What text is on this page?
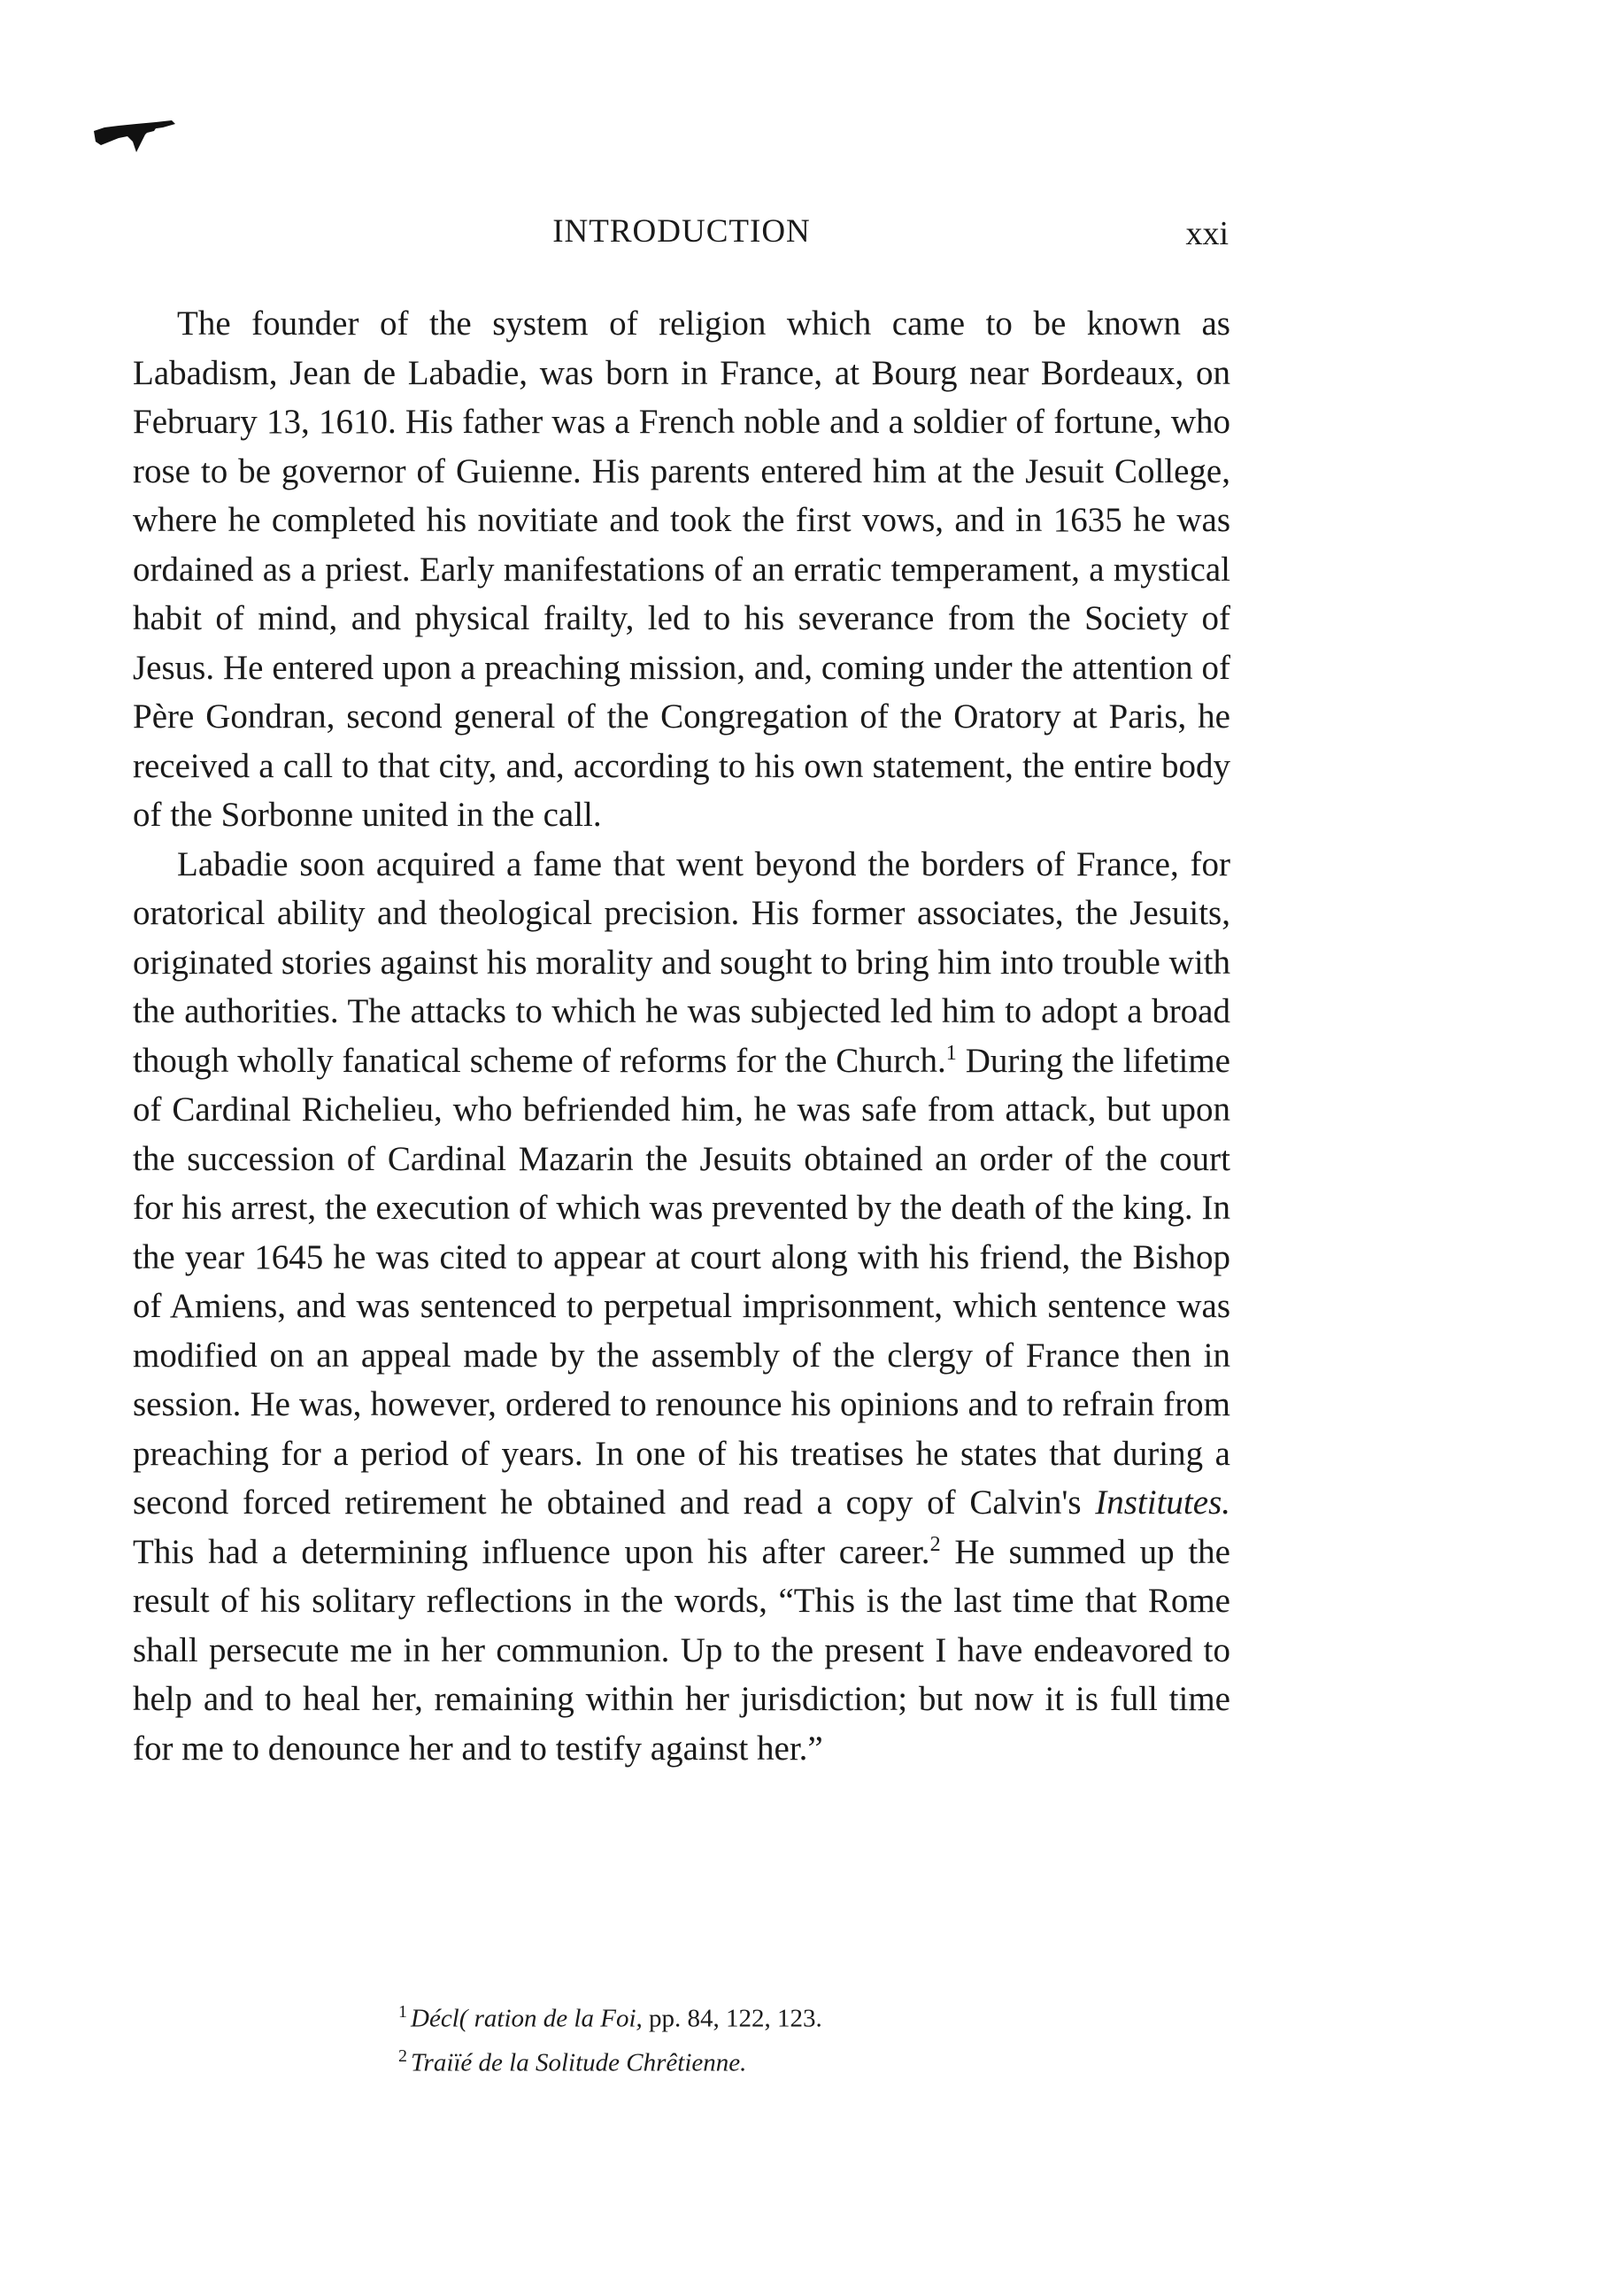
INTRODUCTION	xxi

The founder of the system of religion which came to be known as Labadism, Jean de Labadie, was born in France, at Bourg near Bordeaux, on February 13, 1610. His father was a French noble and a soldier of fortune, who rose to be governor of Guienne. His parents entered him at the Jesuit College, where he completed his novitiate and took the first vows, and in 1635 he was ordained as a priest. Early manifestations of an erratic temperament, a mystical habit of mind, and physical frailty, led to his severance from the Society of Jesus. He entered upon a preaching mission, and, coming under the attention of Père Gondran, second general of the Congregation of the Oratory at Paris, he received a call to that city, and, according to his own statement, the entire body of the Sorbonne united in the call.

Labadie soon acquired a fame that went beyond the borders of France, for oratorical ability and theological precision. His former associates, the Jesuits, originated stories against his morality and sought to bring him into trouble with the authorities. The attacks to which he was subjected led him to adopt a broad though wholly fanatical scheme of reforms for the Church.$^1$ During the lifetime of Cardinal Richelieu, who befriended him, he was safe from attack, but upon the succession of Cardinal Mazarin the Jesuits obtained an order of the court for his arrest, the execution of which was prevented by the death of the king. In the year 1645 he was cited to appear at court along with his friend, the Bishop of Amiens, and was sentenced to perpetual imprisonment, which sentence was modified on an appeal made by the assembly of the clergy of France then in session. He was, however, ordered to renounce his opinions and to refrain from preaching for a period of years. In one of his treatises he states that during a second forced retirement he obtained and read a copy of Calvin's Institutes. This had a determining influence upon his after career.$^2$ He summed up the result of his solitary reflections in the words, “This is the last time that Rome shall persecute me in her communion. Up to the present I have endeavored to help and to heal her, remaining within her jurisdiction; but now it is full time for me to denounce her and to testify against her.”

$^1$ Décl( ration de la Foi, pp. 84, 122, 123.
$^2$ Traiïé de la Solitude Chrêtienne.
